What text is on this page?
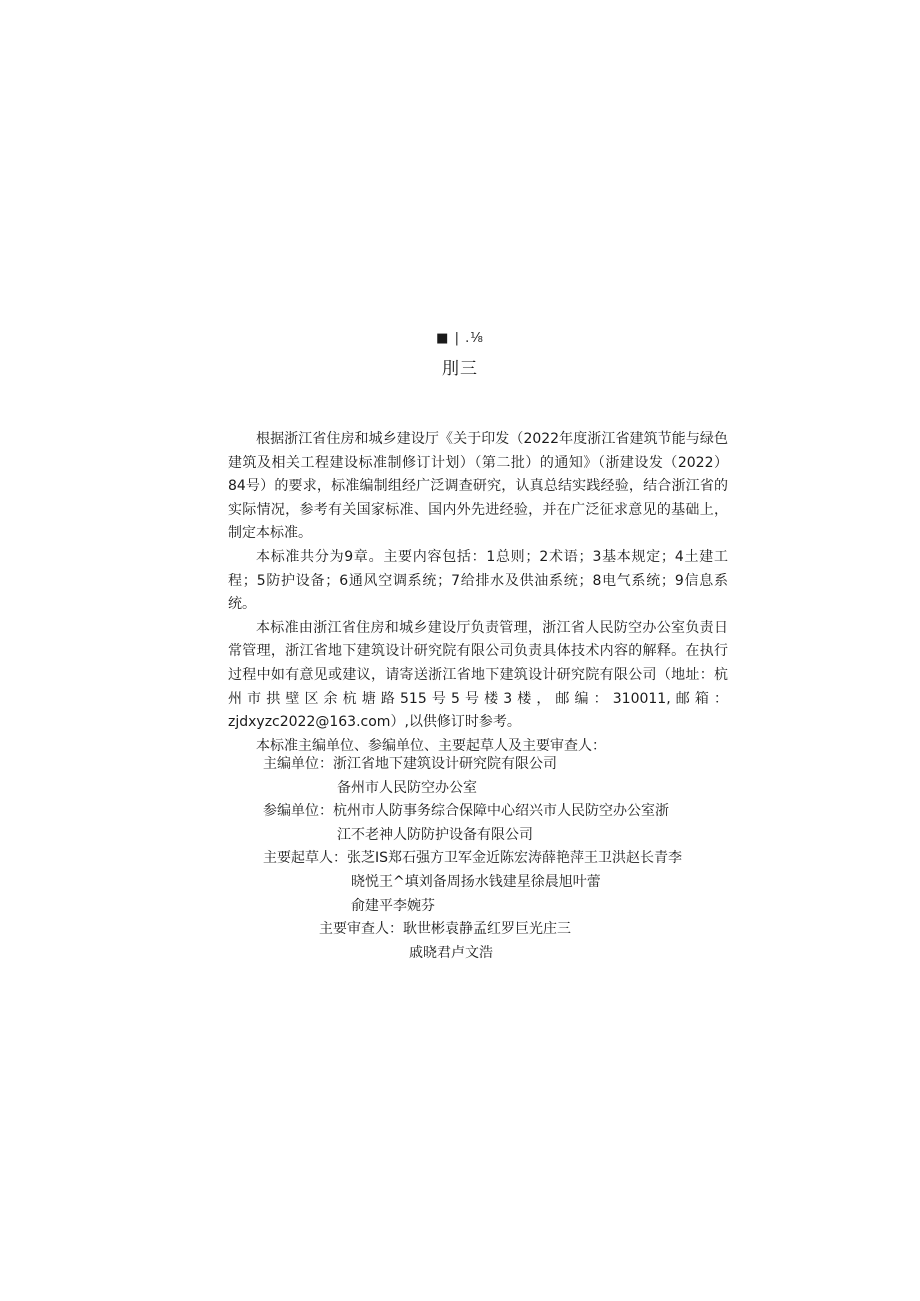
■ | .⅛
刖三

根据浙江省住房和城乡建设厅《关于印发（2022年度浙江省建筑节能与绿色建筑及相关工程建设标准制修订计划）（第二批）的通知》（浙建设发（2022）84号）的要求，标准编制组经广泛调查研究，认真总结实践经验，结合浙江省的实际情况，参考有关国家标准、国内外先进经验，并在广泛征求意见的基础上，制定本标准。

本标准共分为9章。主要内容包括：1总则；2术语；3基本规定；4土建工程；5防护设备；6通风空调系统；7给排水及供油系统；8电气系统；9信息系统。

本标准由浙江省住房和城乡建设厅负责管理，浙江省人民防空办公室负责日常管理，浙江省地下建筑设计研究院有限公司负责具体技术内容的解释。在执行过程中如有意见或建议，请寄送浙江省地下建筑设计研究院有限公司（地址：杭州市拱壁区余杭塘路515号5号楼3楼，邮编：310011,邮箱：zjdxyzc2022@163.com）,以供修订时参考。

本标准主编单位、参编单位、主要起草人及主要审查人：

主编单位： 浙江省地下建筑设计研究院有限公司
备州市人民防空办公室
参编单位： 杭州市人防事务综合保障中心绍兴市人民防空办公室浙
江不老神人防防护设备有限公司
主要起草人： 张芝IS郑石强方卫军金近陈宏涛薛艳萍王卫洪赵长青李
晓悦王^填刘备周扬水钱建星徐晨旭叶蕾
俞建平李婉芬
主要审查人： 耿世彬袁静孟红罗巨光庄三
戚晓君卢文浩
